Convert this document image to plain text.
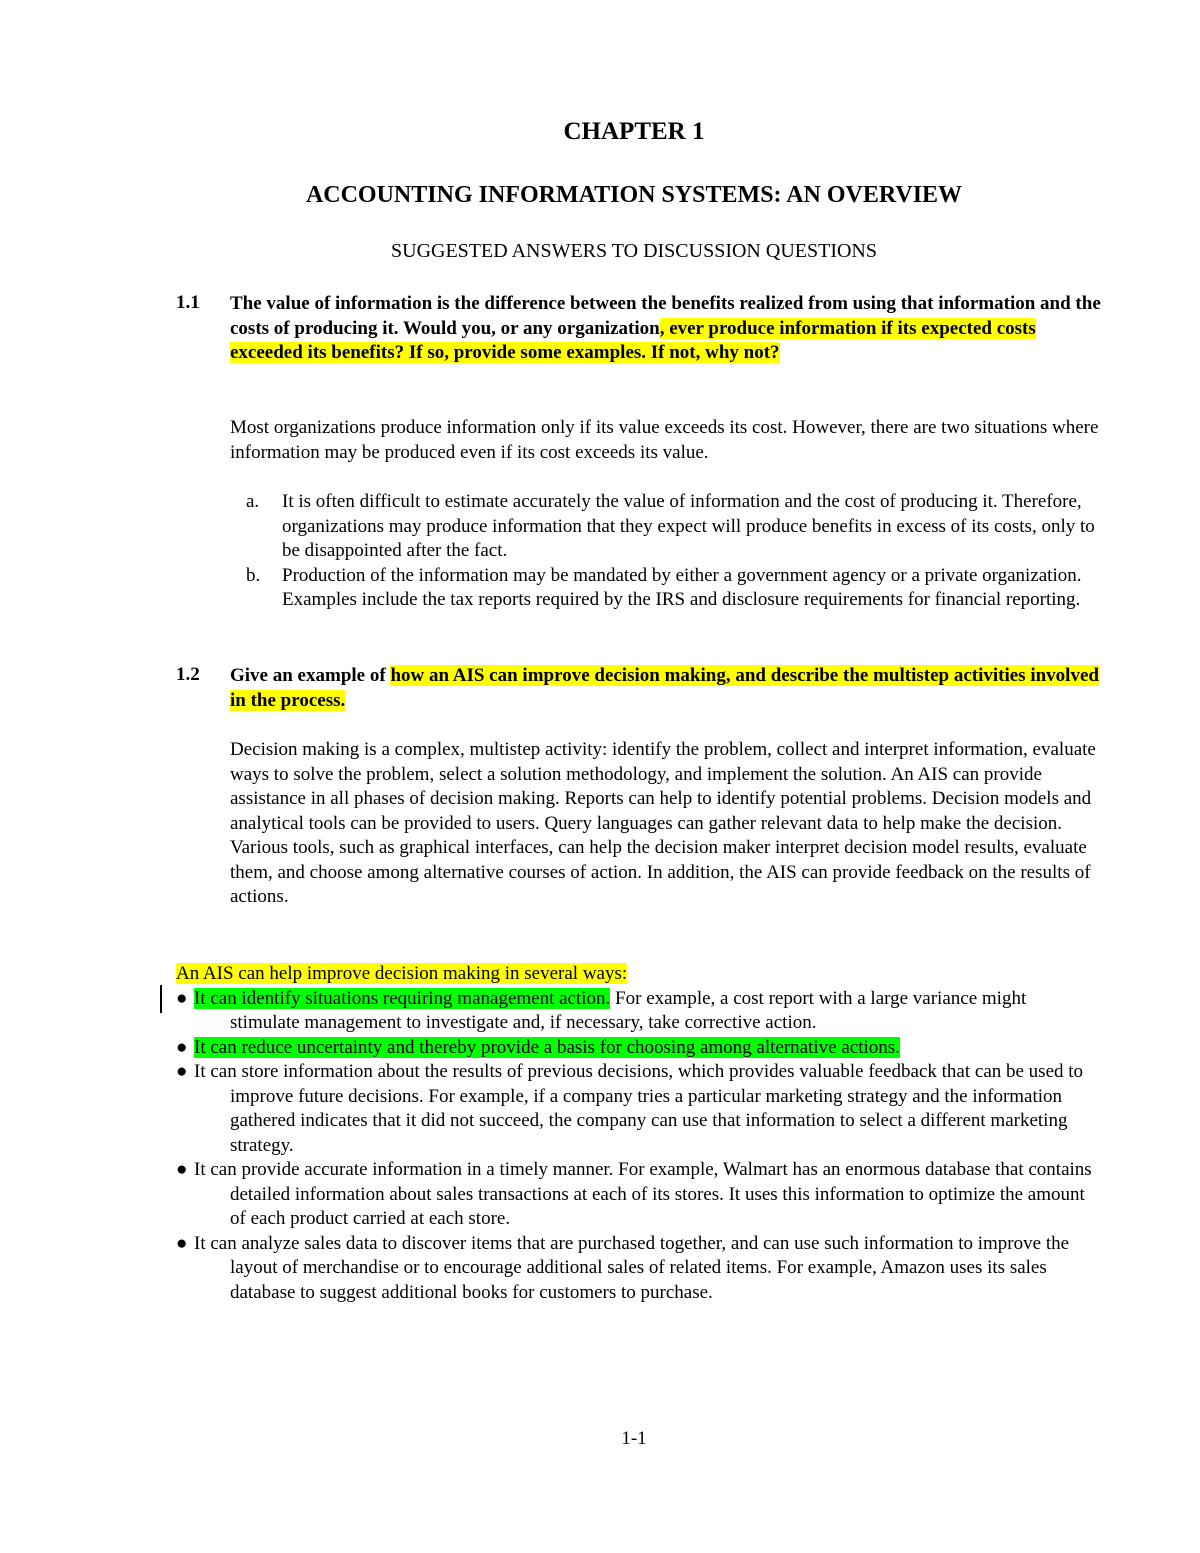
CHAPTER 1
ACCOUNTING INFORMATION SYSTEMS: AN OVERVIEW
SUGGESTED ANSWERS TO DISCUSSION QUESTIONS
1.1 The value of information is the difference between the benefits realized from using that information and the costs of producing it. Would you, or any organization, ever produce information if its expected costs exceeded its benefits? If so, provide some examples. If not, why not?
Most organizations produce information only if its value exceeds its cost. However, there are two situations where information may be produced even if its cost exceeds its value.
a. It is often difficult to estimate accurately the value of information and the cost of producing it. Therefore, organizations may produce information that they expect will produce benefits in excess of its costs, only to be disappointed after the fact.
b. Production of the information may be mandated by either a government agency or a private organization. Examples include the tax reports required by the IRS and disclosure requirements for financial reporting.
1.2 Give an example of how an AIS can improve decision making, and describe the multistep activities involved in the process.
Decision making is a complex, multistep activity: identify the problem, collect and interpret information, evaluate ways to solve the problem, select a solution methodology, and implement the solution. An AIS can provide assistance in all phases of decision making. Reports can help to identify potential problems. Decision models and analytical tools can be provided to users. Query languages can gather relevant data to help make the decision. Various tools, such as graphical interfaces, can help the decision maker interpret decision model results, evaluate them, and choose among alternative courses of action. In addition, the AIS can provide feedback on the results of actions.
An AIS can help improve decision making in several ways:
● It can identify situations requiring management action. For example, a cost report with a large variance might stimulate management to investigate and, if necessary, take corrective action.
● It can reduce uncertainty and thereby provide a basis for choosing among alternative actions.
● It can store information about the results of previous decisions, which provides valuable feedback that can be used to improve future decisions. For example, if a company tries a particular marketing strategy and the information gathered indicates that it did not succeed, the company can use that information to select a different marketing strategy.
● It can provide accurate information in a timely manner. For example, Walmart has an enormous database that contains detailed information about sales transactions at each of its stores. It uses this information to optimize the amount of each product carried at each store.
● It can analyze sales data to discover items that are purchased together, and can use such information to improve the layout of merchandise or to encourage additional sales of related items. For example, Amazon uses its sales database to suggest additional books for customers to purchase.
1-1
